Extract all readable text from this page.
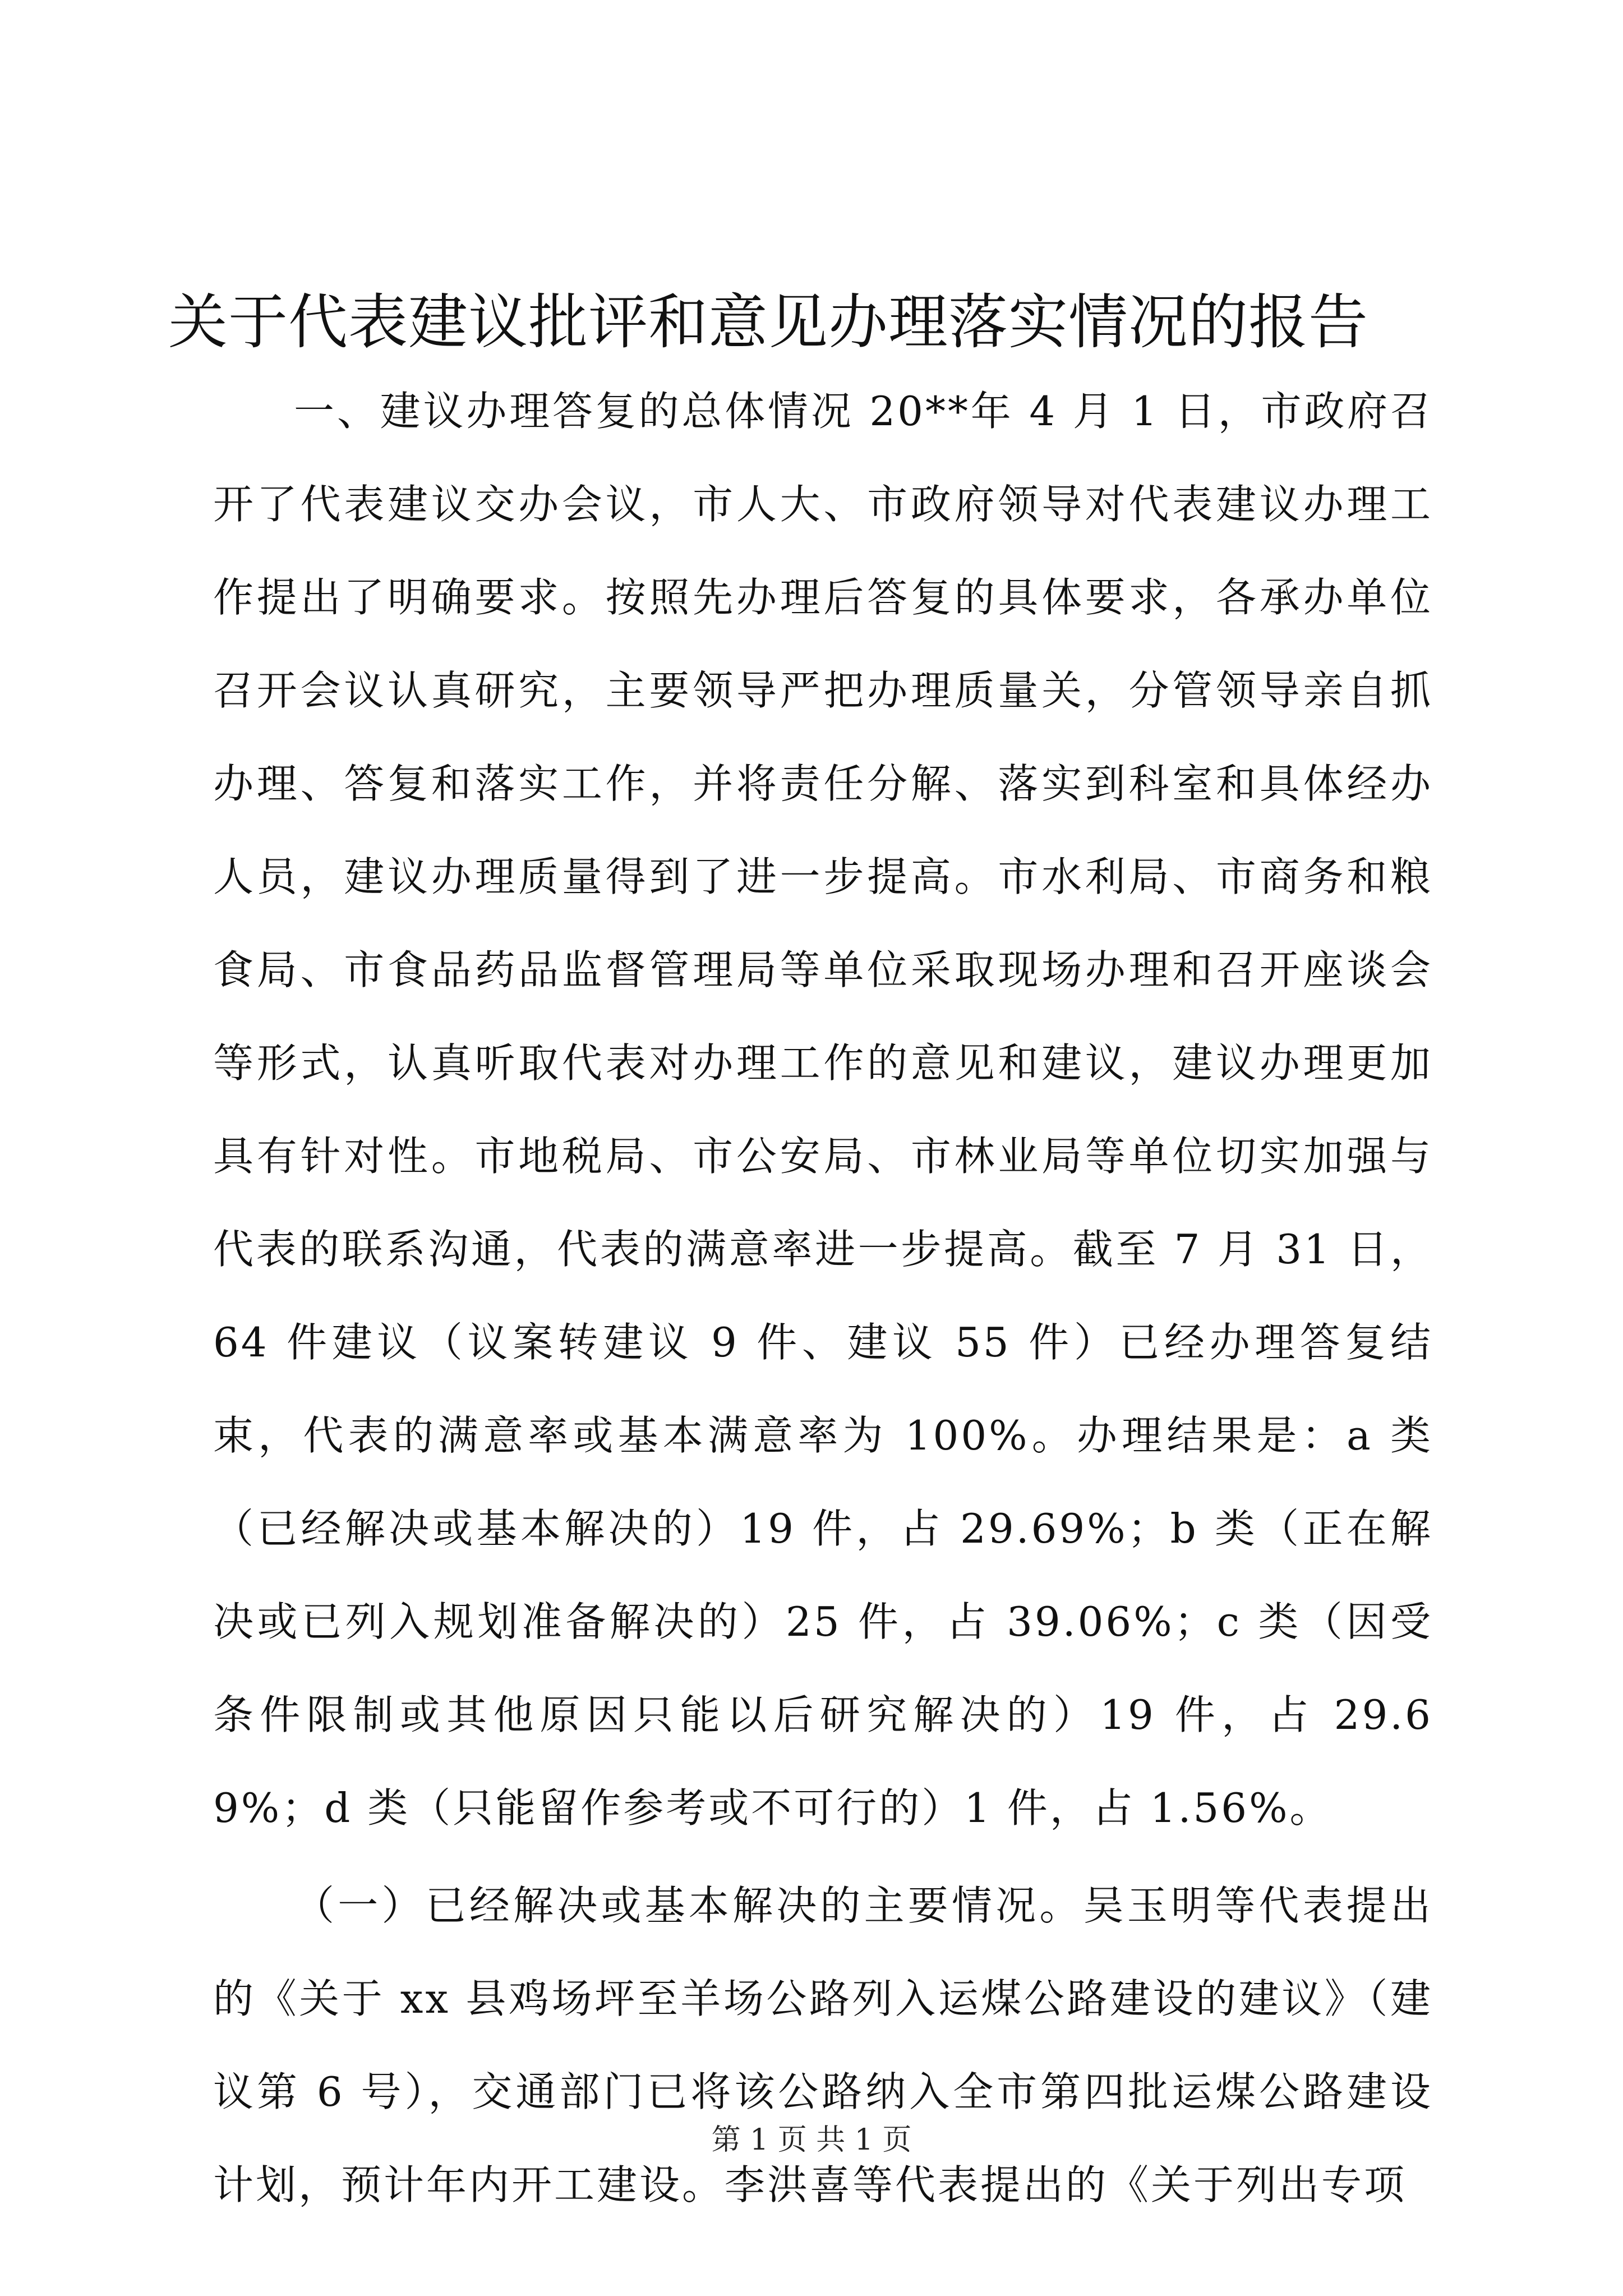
关于代表建议批评和意见办理落实情况的报告

一、建议办理答复的总体情况 20**年 4 月 1 日，市政府召开了代表建议交办会议，市人大、市政府领导对代表建议办理工作提出了明确要求。按照先办理后答复的具体要求，各承办单位召开会议认真研究，主要领导严把办理质量关，分管领导亲自抓办理、答复和落实工作，并将责任分解、落实到科室和具体经办人员，建议办理质量得到了进一步提高。市水利局、市商务和粮食局、市食品药品监督管理局等单位采取现场办理和召开座谈会等形式，认真听取代表对办理工作的意见和建议，建议办理更加具有针对性。市地税局、市公安局、市林业局等单位切实加强与代表的联系沟通，代表的满意率进一步提高。截至 7 月 31 日，64 件建议（议案转建议 9 件、建议 55 件）已经办理答复结束，代表的满意率或基本满意率为 100%。办理结果是：a 类（已经解决或基本解决的）19 件，占 29.69%；b 类（正在解决或已列入规划准备解决的）25 件，占 39.06%；c 类（因受条件限制或其他原因只能以后研究解决的）19 件，占 29.69%；d 类（只能留作参考或不可行的）1 件，占 1.56%。

（一）已经解决或基本解决的主要情况。吴玉明等代表提出的《关于 xx 县鸡场坪至羊场公路列入运煤公路建设的建议》（建议第 6 号），交通部门已将该公路纳入全市第四批运煤公路建设计划，预计年内开工建设。李洪喜等代表提出的《关于列出专项

第 1 页 共 1 页
